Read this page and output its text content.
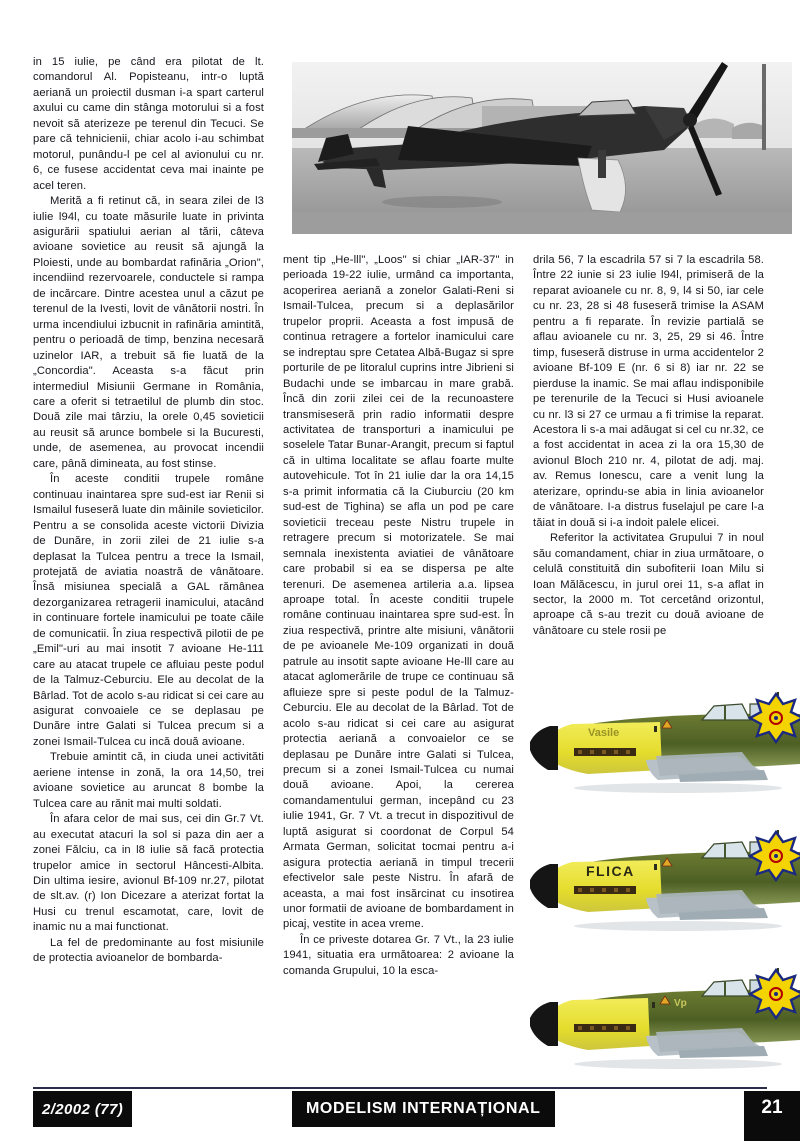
in 15 iulie, pe când era pilotat de lt. comandorul Al. Popisteanu, intr-o luptă aeriană un proiectil dusman i-a spart carterul axului cu came din stânga motorului si a fost nevoit să aterizeze pe terenul din Tecuci. Se pare că tehnicienii, chiar acolo i-au schimbat motorul, punându-l pe cel al avionului cu nr. 6, ce fusese accidentat ceva mai inainte pe acel teren.

Merită a fi retinut că, in seara zilei de l3 iulie l94l, cu toate măsurile luate in privinta asigurării spatiului aerian al tării, câteva avioane sovietice au reusit să ajungă la Ploiesti, unde au bombardat rafinăria „Orion", incendiind rezervoarele, conductele si rampa de incărcare. Dintre acestea unul a căzut pe terenul de la Ivesti, lovit de vânătorii nostri. În urma incendiului izbucnit in rafinăria amintită, pentru o perioadă de timp, benzina necesară uzinelor IAR, a trebuit să fie luată de la „Concordia". Aceasta s-a făcut prin intermediul Misiunii Germane in România, care a oferit si tetraetilul de plumb din stoc. Două zile mai târziu, la orele 0,45 sovieticii au reusit să arunce bombele si la Bucuresti, unde, de asemenea, au provocat incendii care, până dimineata, au fost stinse.

În aceste conditii trupele române continuau inaintarea spre sud-est iar Renii si Ismailul fuseseră luate din mâinile sovieticilor. Pentru a se consolida aceste victorii Divizia de Dunăre, in zorii zilei de 21 iulie s-a deplasat la Tulcea pentru a trece la Ismail, protejată de aviatia noastră de vânătoare. Însă misiunea specială a GAL rămânea dezorganizarea retragerii inamicului, atacând in continuare fortele inamicului pe toate căile de comunicatii. În ziua respectivă pilotii de pe „Emil"-uri au mai insotit 7 avioane He-111 care au atacat trupele ce afluiau peste podul de la Talmuz-Ceburciu. Ele au decolat de la Bârlad. Tot de acolo s-au ridicat si cei care au asigurat convoaiele ce se deplasau pe Dunăre intre Galati si Tulcea precum si a zonei Ismail-Tulcea cu incă două avioane.

Trebuie amintit că, in ciuda unei activităti aeriene intense in zonă, la ora 14,50, trei avioane sovietice au aruncat 8 bombe la Tulcea care au rănit mai multi soldati.

În afara celor de mai sus, cei din Gr.7 Vt. au executat atacuri la sol si paza din aer a zonei Fălciu, ca in l8 iulie să facă protectia trupelor amice in sectorul Hâncesti-Albita. Din ultima iesire, avionul Bf-109 nr.27, pilotat de slt.av. (r) Ion Dicezare a aterizat fortat la Husi cu trenul escamotat, care, lovit de inamic nu a mai functionat.

La fel de predominante au fost misiunile de protectia avioanelor de bombarda-

ment tip „He-lll", „Loos" si chiar „IAR-37" in perioada 19-22 iulie, urmând ca importanta, acoperirea aeriană a zonelor Galati-Reni si Ismail-Tulcea, precum si a deplasărilor trupelor proprii. Aceasta a fost impusă de continua retragere a fortelor inamicului care se indreptau spre Cetatea Albă-Bugaz si spre porturile de pe litoralul cuprins intre Jibrieni si Budachi unde se imbarcau in mare grabă. Încă din zorii zilei cei de la recunoastere transmiseseră prin radio informatii despre activitatea de transporturi a inamicului pe soselele Tatar Bunar-Arangit, precum si faptul că in ultima localitate se aflau foarte multe autovehicule. Tot în 21 iulie dar la ora 14,15 s-a primit informatia că la Ciuburciu (20 km sud-est de Tighina) se afla un pod pe care sovieticii treceau peste Nistru trupele in retragere precum si motorizatele. Se mai semnala inexistenta aviatiei de vânătoare care probabil si ea se dispersa pe alte terenuri. De asemenea artileria a.a. lipsea aproape total. În aceste conditii trupele române continuau inaintarea spre sud-est. În ziua respectivă, printre alte misiuni, vânătorii de pe avioanele Me-109 organizati in două patrule au insotit sapte avioane He-lll care au atacat aglomerările de trupe ce continuau să afluieze spre si peste podul de la Talmuz-Ceburciu. Ele au decolat de la Bârlad. Tot de acolo s-au ridicat si cei care au asigurat protectia aeriană a convoaielor ce se deplasau pe Dunăre intre Galati si Tulcea, precum si a zonei Ismail-Tulcea cu numai două avioane. Apoi, la cererea comandamentului german, incepând cu 23 iulie 1941, Gr. 7 Vt. a trecut in dispozitivul de luptă asigurat si coordonat de Corpul 54 Armata German, solicitat tocmai pentru a-i asigura protectia aeriană in timpul trecerii efectivelor sale peste Nistru. În afară de aceasta, a mai fost insărcinat cu insotirea unor formatii de avioane de bombardament in picaj, vestite in acea vreme.

În ce priveste dotarea Gr. 7 Vt., la 23 iulie 1941, situatia era următoarea: 2 avioane la comanda Grupului, 10 la esca-

drila 56, 7 la escadrila 57 si 7 la escadrila 58. Între 22 iunie si 23 iulie l94l, primiseră de la reparat avioanele cu nr. 8, 9, l4 si 50, iar cele cu nr. 23, 28 si 48 fuseseră trimise la ASAM pentru a fi reparate. În revizie partială se aflau avioanele cu nr. 3, 25, 29 si 46. Între timp, fuseseră distruse in urma accidentelor 2 avioane Bf-109 E (nr. 6 si 8) iar nr. 22 se pierduse la inamic. Se mai aflau indisponibile pe terenurile de la Tecuci si Husi avioanele cu nr. l3 si 27 ce urmau a fi trimise la reparat. Acestora li s-a mai adăugat si cel cu nr.32, ce a fost accidentat in acea zi la ora 15,30 de avionul Bloch 210 nr. 4, pilotat de adj. maj. av. Remus Ionescu, care a venit lung la aterizare, oprindu-se abia in linia avioanelor de vânătoare. I-a distrus fuselajul pe care l-a tăiat in două si i-a indoit palele elicei.

Referitor la activitatea Grupului 7 in noul său comandament, chiar in ziua următoare, o celulă constituită din subofiterii Ioan Milu si Ioan Mălăcescu, in jurul orei 11, s-a aflat in sector, la 2000 m. Tot cercetând orizontul, aproape că s-au trezit cu două avioane de vânătoare cu stele rosii pe

Vasile
FLICA
Vp
2/2002 (77)	MODELISM INTERNAȚIONAL	21
